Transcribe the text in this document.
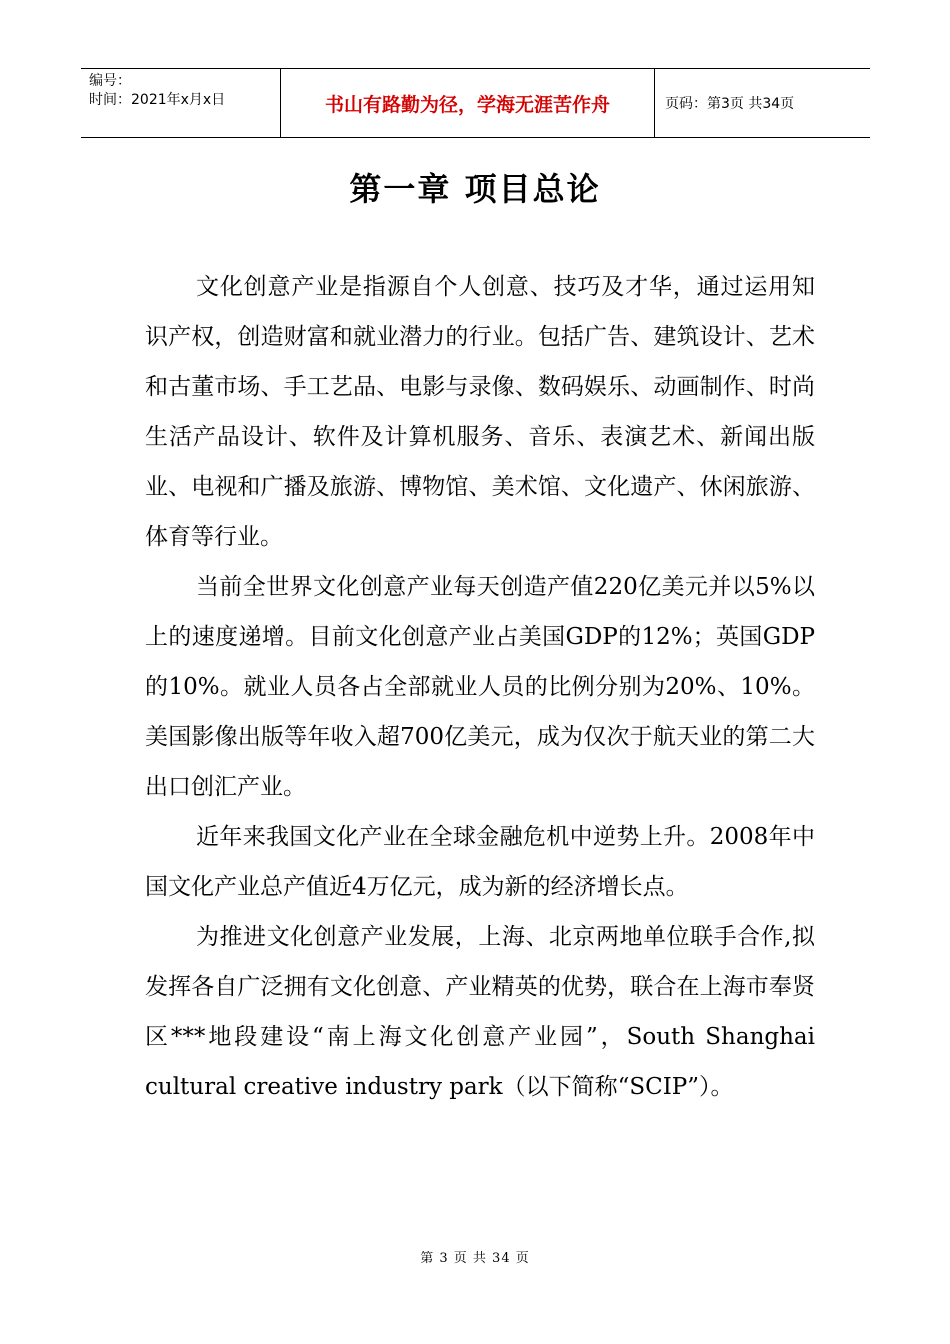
编号：
时间：2021年x月x日	书山有路勤为径，学海无涯苦作舟	页码：第3页 共34页
第一章 项目总论

文化创意产业是指源自个人创意、技巧及才华，通过运用知识产权，创造财富和就业潜力的行业。包括广告、建筑设计、艺术和古董市场、手工艺品、电影与录像、数码娱乐、动画制作、时尚生活产品设计、软件及计算机服务、音乐、表演艺术、新闻出版业、电视和广播及旅游、博物馆、美术馆、文化遗产、休闲旅游、体育等行业。

当前全世界文化创意产业每天创造产值220亿美元并以5%以上的速度递增。目前文化创意产业占美国GDP的12%；英国GDP的10%。就业人员各占全部就业人员的比例分别为20%、10%。美国影像出版等年收入超700亿美元，成为仅次于航天业的第二大出口创汇产业。

近年来我国文化产业在全球金融危机中逆势上升。2008年中国文化产业总产值近4万亿元，成为新的经济增长点。

为推进文化创意产业发展，上海、北京两地单位联手合作,拟发挥各自广泛拥有文化创意、产业精英的优势，联合在上海市奉贤区***地段建设“南上海文化创意产业园”，South Shanghai cultural creative industry park（以下简称“SCIP”）。

第 3 页 共 34 页
